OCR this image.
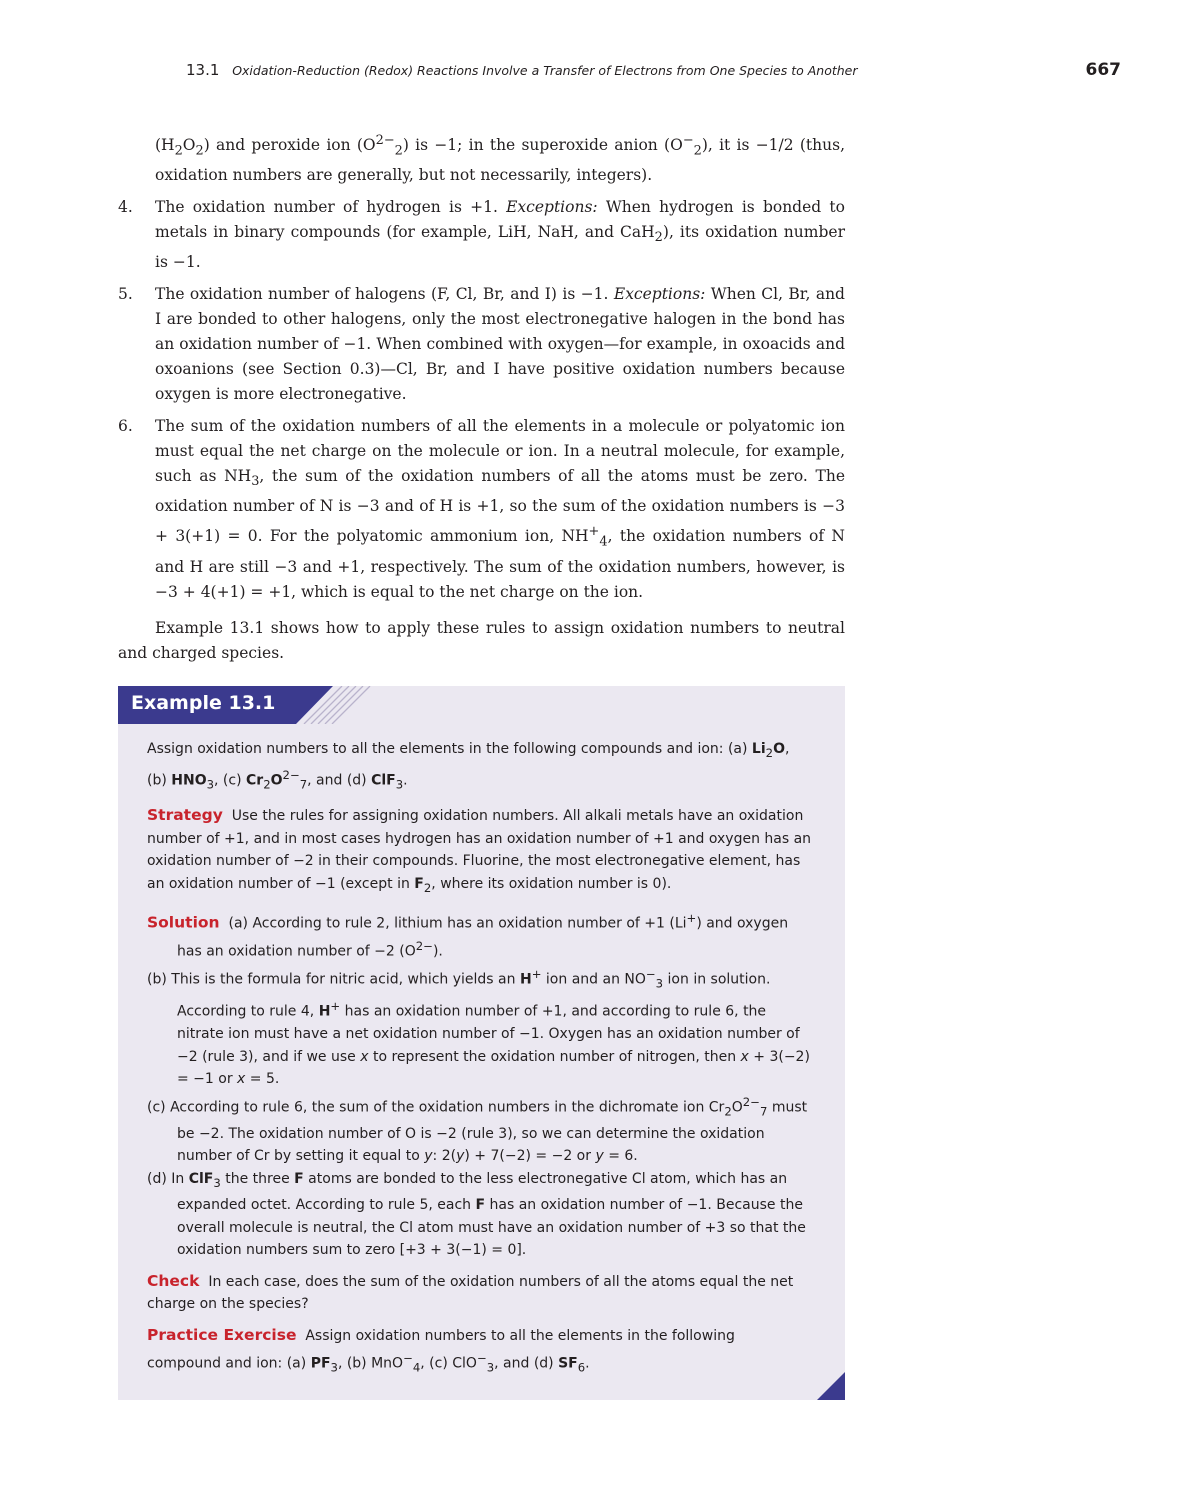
13.1 Oxidation-Reduction (Redox) Reactions Involve a Transfer of Electrons from One Species to Another	667

$(H_2O_2)$ and peroxide ion $(O^{2-}_2)$ is −1; in the superoxide anion $(O^-_2)$, it is −1/2 (thus, oxidation numbers are generally, but not necessarily, integers).

4.	The oxidation number of hydrogen is +1. Exceptions: When hydrogen is bonded to metals in binary compounds (for example, LiH, NaH, and CaH$_2$), its oxidation number is −1.
5.	The oxidation number of halogens (F, Cl, Br, and I) is −1. Exceptions: When Cl, Br, and I are bonded to other halogens, only the most electronegative halogen in the bond has an oxidation number of −1. When combined with oxygen—for example, in oxoacids and oxoanions (see Section 0.3)—Cl, Br, and I have positive oxidation numbers because oxygen is more electronegative.
6.	The sum of the oxidation numbers of all the elements in a molecule or polyatomic ion must equal the net charge on the molecule or ion. In a neutral molecule, for example, such as $NH_3$, the sum of the oxidation numbers of all the atoms must be zero. The oxidation number of N is −3 and of H is +1, so the sum of the oxidation numbers is −3 + 3(+1) = 0. For the polyatomic ammonium ion, $NH^+_4$, the oxidation numbers of N and H are still −3 and +1, respectively. The sum of the oxidation numbers, however, is −3 + 4(+1) = +1, which is equal to the net charge on the ion.

Example 13.1 shows how to apply these rules to assign oxidation numbers to neutral and charged species.

Example 13.1

Assign oxidation numbers to all the elements in the following compounds and ion: (a) $Li_2O$, (b) $HNO_3$, (c) $Cr_2O^{2-}_7$, and (d) ClF$_3$.

Strategy Use the rules for assigning oxidation numbers. All alkali metals have an oxidation number of +1, and in most cases hydrogen has an oxidation number of +1 and oxygen has an oxidation number of −2 in their compounds. Fluorine, the most electronegative element, has an oxidation number of −1 (except in $F_2$, where its oxidation number is 0).

Solution (a) According to rule 2, lithium has an oxidation number of +1 (Li+) and oxygen has an oxidation number of −2 $(O^{2-})$.

(b) This is the formula for nitric acid, which yields an H+ ion and an $NO^-_3$ ion in solution. According to rule 4, H+ has an oxidation number of +1, and according to rule 6, the nitrate ion must have a net oxidation number of −1. Oxygen has an oxidation number of −2 (rule 3), and if we use x to represent the oxidation number of nitrogen, then x + 3(−2) = −1 or x = 5.

(c) According to rule 6, the sum of the oxidation numbers in the dichromate ion $Cr_2O^{2-}_7$ must be −2. The oxidation number of O is −2 (rule 3), so we can determine the oxidation number of Cr by setting it equal to y: 2(y) + 7(−2) = −2 or y = 6.

(d) In ClF$_3$ the three F atoms are bonded to the less electronegative Cl atom, which has an expanded octet. According to rule 5, each F has an oxidation number of −1. Because the overall molecule is neutral, the Cl atom must have an oxidation number of +3 so that the oxidation numbers sum to zero [+3 + 3(−1) = 0].

Check In each case, does the sum of the oxidation numbers of all the atoms equal the net charge on the species?

Practice Exercise Assign oxidation numbers to all the elements in the following compound and ion: (a) $PF_3$, (b) MnO−$_4$, (c) ClO−$_3$, and (d) $SF_6$.
